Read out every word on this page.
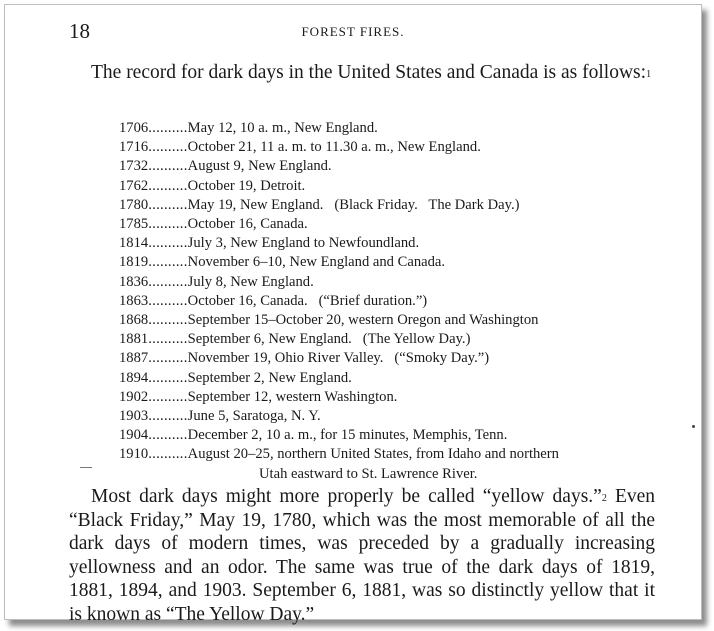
18	FOREST FIRES.

The record for dark days in the United States and Canada is as follows:$^1$

1706..........May 12, 10 a. m., New England.
1716..........October 21, 11 a. m. to 11.30 a. m., New England.
1732..........August 9, New England.
1762..........October 19, Detroit.
1780..........May 19, New England.   (Black Friday.   The Dark Day.)
1785..........October 16, Canada.
1814..........July 3, New England to Newfoundland.
1819..........November 6–10, New England and Canada.
1836..........July 8, New England.
1863..........October 16, Canada.   (“Brief duration.”)
1868..........September 15–October 20, western Oregon and Washington
1881..........September 6, New England.   (The Yellow Day.)
1887..........November 19, Ohio River Valley.   (“Smoky Day.”)
1894..........September 2, New England.
1902..........September 12, western Washington.
1903..........June 5, Saratoga, N. Y.
1904..........December 2, 10 a. m., for 15 minutes, Memphis, Tenn.
1910..........August 20–25, northern United States, from Idaho and northern
Utah eastward to St. Lawrence River.

Most dark days might more properly be called “yellow days.”$^2$ Even “Black Friday,” May 19, 1780, which was the most memorable of all the dark days of modern times, was preceded by a gradually increasing yellowness and an odor. The same was true of the dark days of 1819, 1881, 1894, and 1903. September 6, 1881, was so distinctly yellow that it is known as “The Yellow Day.”
